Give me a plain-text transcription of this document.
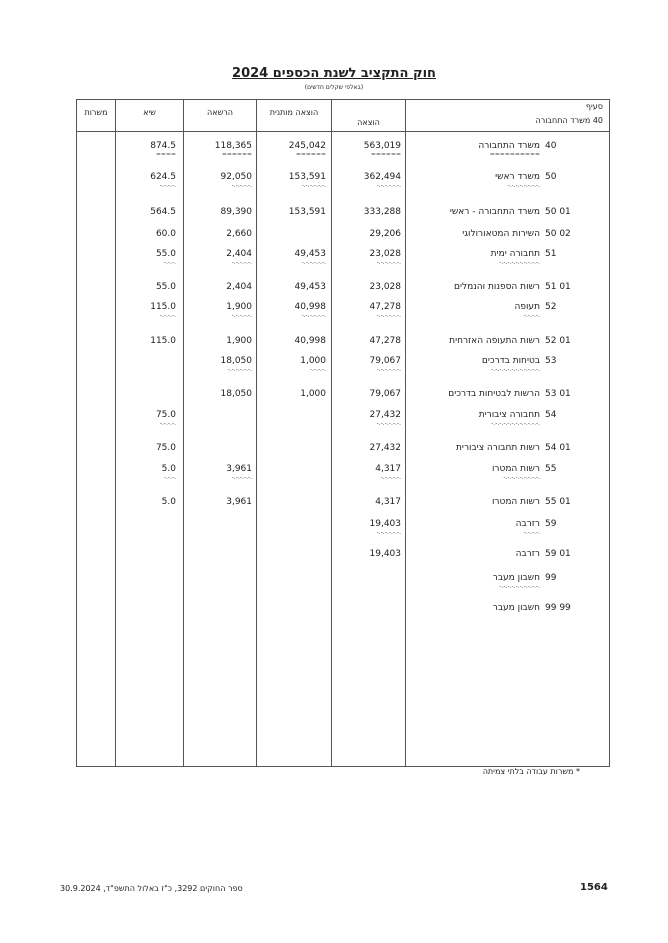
חוק התקציב לשנת הכספים 2024
(באלפי שקלים חדשים)
סעיף
40 משרד התחבורה
הוצאה
הוצאה מותנית
הרשאה
שיא
משרות
40
משרד התחבורה
563,019
245,042
118,365
874.5
==========
======
======
======
====
50
משרד ראשי
362,494
153,591
92,050
624.5
-.-.-.-.-.-.-.-.
-.-.-.-.-.-.
-.-.-.-.-.-.
-.-.-.-.-.
-.-.-.-.
50 01
משרד התחבורה - ראשי
333,288
153,591
89,390
564.5
50 02
השירות המטאורולוגי
29,206
2,660
60.0
51
תחבורה ימית
23,028
49,453
2,404
55.0
-.-.-.-.-.-.-.-.-.-.
-.-.-.-.-.-.
-.-.-.-.-.-.
-.-.-.-.-.
-.-.-.
51 01
רשות הספנות והנמלים
23,028
49,453
2,404
55.0
52
תעופה
47,278
40,998
1,900
115.0
-.-.-.-.
-.-.-.-.-.-.
-.-.-.-.-.-.
-.-.-.-.-.
-.-.-.-.
52 01
רשות התעופה האזרחית
47,278
40,998
1,900
115.0
53
בטיחות בדרכים
79,067
1,000
18,050
-.-.-.-.-.-.-.-.-.-.-.-.
-.-.-.-.-.-.
-.-.-.-.
-.-.-.-.-.-.
53 01
הרשות לבטיחות בדרכים
79,067
1,000
18,050
54
תחבורה ציבורית
27,432
75.0
-.-.-.-.-.-.-.-.-.-.-.-.
-.-.-.-.-.-.
-.-.-.-.
54 01
רשות תחבורה ציבורית
27,432
75.0
55
רשות המטרו
4,317
3,961
5.0
-.-.-.-.-.-.-.-.-.
-.-.-.-.-.
-.-.-.-.-.
-.-.-.
55 01
רשות המטרו
4,317
3,961
5.0
59
רזרבה
19,403
-.-.-.-.
-.-.-.-.-.-.
59 01
רזרבה
19,403
99
חשבון מעבר
-.-.-.-.-.-.-.-.-.-.
99 99
חשבון מעבר
* משרות עבודה בלתי צמיתה
ספר החוקים 3292, כ"ז באלול התשפ"ד, 30.9.2024	1564
